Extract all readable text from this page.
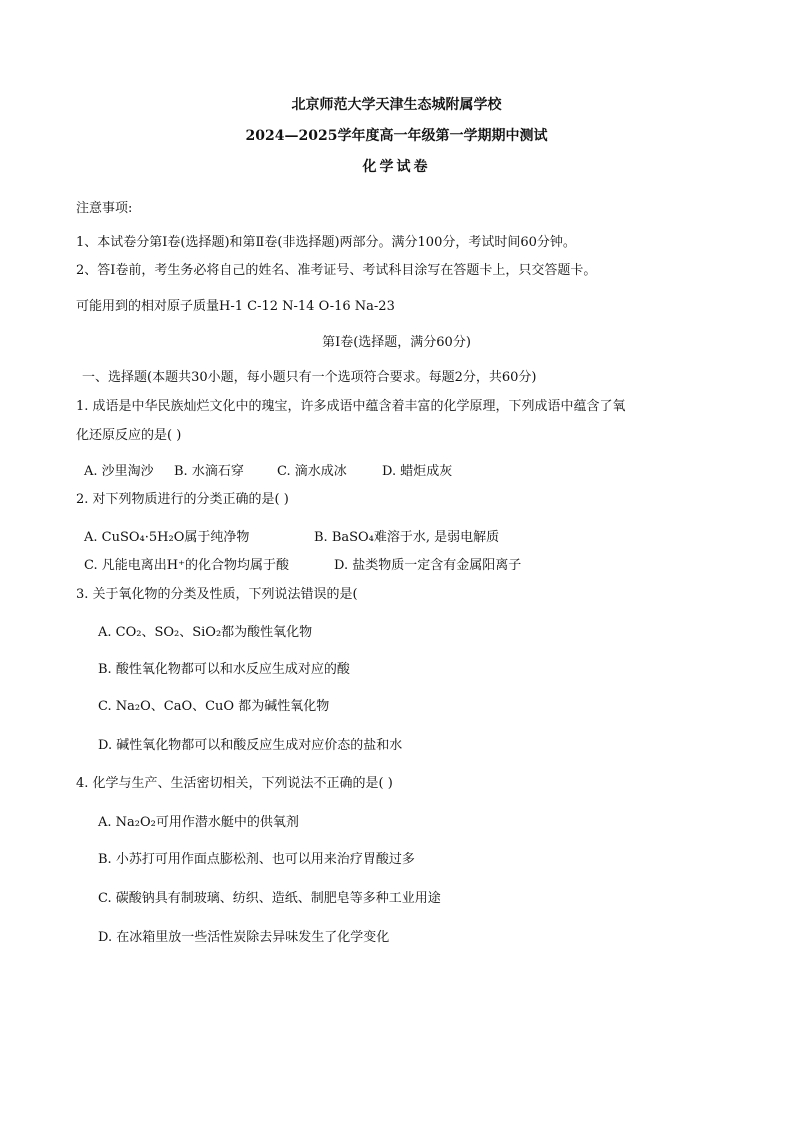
北京师范大学天津生态城附属学校
2024—2025学年度高一年级第一学期期中测试
化学试卷
注意事项:
1、本试卷分第Ⅰ卷(选择题)和第Ⅱ卷(非选择题)两部分。满分100分，考试时间60分钟。
2、答Ⅰ卷前，考生务必将自己的姓名、准考证号、考试科目涂写在答题卡上，只交答题卡。
可能用到的相对原子质量H-1 C-12 N-14 O-16 Na-23
第Ⅰ卷(选择题，满分60分)
一、选择题(本题共30小题，每小题只有一个选项符合要求。每题2分，共60分)
1. 成语是中华民族灿烂文化中的瑰宝，许多成语中蕴含着丰富的化学原理，下列成语中蕴含了氧
化还原反应的是( )
A. 沙里淘沙 B. 水滴石穿	C. 滴水成冰	D. 蜡炬成灰
2. 对下列物质进行的分类正确的是( )
A. CuSO₄·5H₂O属于纯净物	B. BaSO₄难溶于水, 是弱电解质
C. 凡能电离出H⁺的化合物均属于酸	D. 盐类物质一定含有金属阳离子
3. 关于氧化物的分类及性质，下列说法错误的是(
A. CO₂、SO₂、SiO₂都为酸性氧化物
B. 酸性氧化物都可以和水反应生成对应的酸
C. Na₂O、CaO、CuO 都为碱性氧化物
D. 碱性氧化物都可以和酸反应生成对应价态的盐和水
4. 化学与生产、生活密切相关，下列说法不正确的是( )
A. Na₂O₂可用作潜水艇中的供氧剂
B. 小苏打可用作面点膨松剂、也可以用来治疗胃酸过多
C. 碳酸钠具有制玻璃、纺织、造纸、制肥皂等多种工业用途
D. 在冰箱里放一些活性炭除去异味发生了化学变化
